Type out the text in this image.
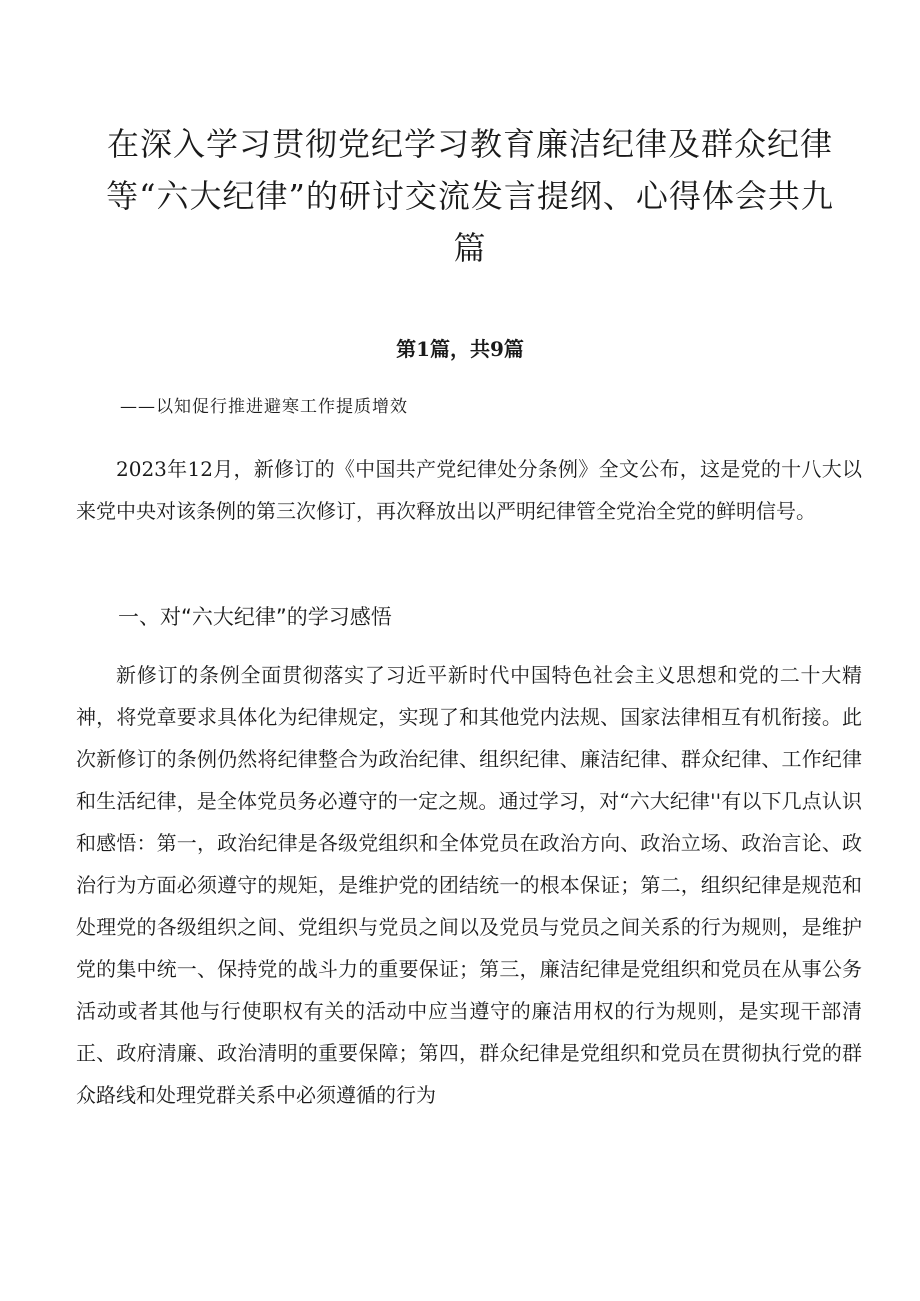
在深入学习贯彻党纪学习教育廉洁纪律及群众纪律等“六大纪律”的研讨交流发言提纲、心得体会共九篇
第1篇，共9篇
——以知促行推进避寒工作提质增效

2023年12月，新修订的《中国共产党纪律处分条例》全文公布，这是党的十八大以来党中央对该条例的第三次修订，再次释放出以严明纪律管全党治全党的鲜明信号。

一、对“六大纪律”的学习感悟

新修订的条例全面贯彻落实了习近平新时代中国特色社会主义思想和党的二十大精神，将党章要求具体化为纪律规定，实现了和其他党内法规、国家法律相互有机衔接。此次新修订的条例仍然将纪律整合为政治纪律、组织纪律、廉洁纪律、群众纪律、工作纪律和生活纪律，是全体党员务必遵守的一定之规。通过学习，对“六大纪律''有以下几点认识和感悟：第一，政治纪律是各级党组织和全体党员在政治方向、政治立场、政治言论、政治行为方面必须遵守的规矩，是维护党的团结统一的根本保证；第二，组织纪律是规范和处理党的各级组织之间、党组织与党员之间以及党员与党员之间关系的行为规则，是维护党的集中统一、保持党的战斗力的重要保证；第三，廉洁纪律是党组织和党员在从事公务活动或者其他与行使职权有关的活动中应当遵守的廉洁用权的行为规则，是实现干部清正、政府清廉、政治清明的重要保障；第四，群众纪律是党组织和党员在贯彻执行党的群众路线和处理党群关系中必须遵循的行为
